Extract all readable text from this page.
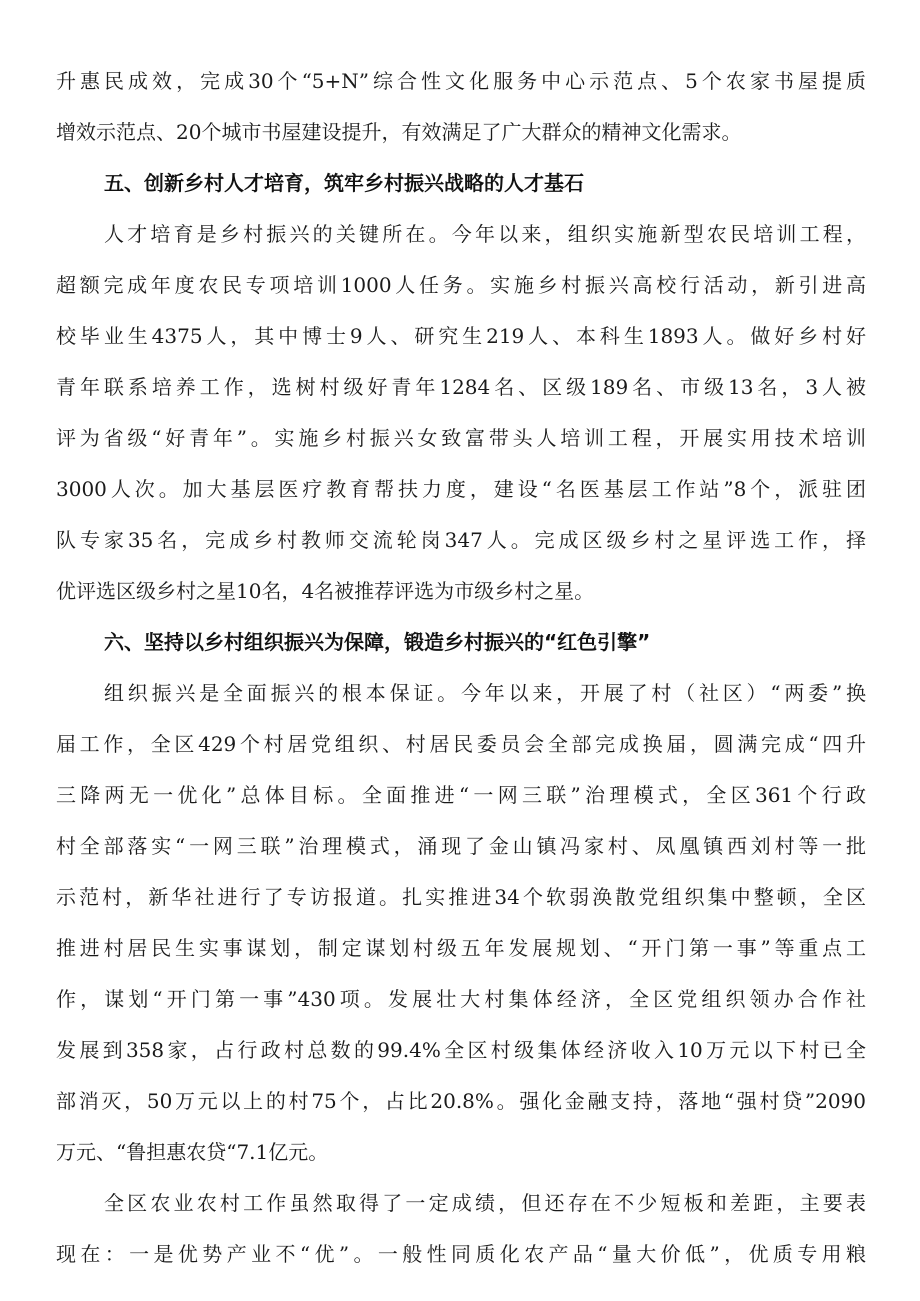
升惠民成效，完成30个“5+N”综合性文化服务中心示范点、5个农家书屋提质
增效示范点、20个城市书屋建设提升，有效满足了广大群众的精神文化需求。
五、创新乡村人才培育，筑牢乡村振兴战略的人才基石
人才培育是乡村振兴的关键所在。今年以来，组织实施新型农民培训工程，
超额完成年度农民专项培训1000人任务。实施乡村振兴高校行活动，新引进高
校毕业生4375人，其中博士9人、研究生219人、本科生1893人。做好乡村好
青年联系培养工作，选树村级好青年1284名、区级189名、市级13名，3人被
评为省级“好青年”。实施乡村振兴女致富带头人培训工程，开展实用技术培训
3000人次。加大基层医疗教育帮扶力度，建设“名医基层工作站”8个，派驻团
队专家35名，完成乡村教师交流轮岗347人。完成区级乡村之星评选工作，择
优评选区级乡村之星10名，4名被推荐评选为市级乡村之星。
六、坚持以乡村组织振兴为保障，锻造乡村振兴的“红色引擎”
组织振兴是全面振兴的根本保证。今年以来，开展了村（社区）“两委”换
届工作，全区429个村居党组织、村居民委员会全部完成换届，圆满完成“四升
三降两无一优化”总体目标。全面推进“一网三联”治理模式，全区361个行政
村全部落实“一网三联”治理模式，涌现了金山镇冯家村、凤凰镇西刘村等一批
示范村，新华社进行了专访报道。扎实推进34个软弱涣散党组织集中整顿，全区
推进村居民生实事谋划，制定谋划村级五年发展规划、“开门第一事”等重点工
作，谋划“开门第一事”430项。发展壮大村集体经济，全区党组织领办合作社
发展到358家，占行政村总数的99.4%全区村级集体经济收入10万元以下村已全
部消灭，50万元以上的村75个，占比20.8%。强化金融支持，落地“强村贷”2090
万元、“鲁担惠农贷“7.1亿元。
全区农业农村工作虽然取得了一定成绩，但还存在不少短板和差距，主要表
现在：一是优势产业不“优”。一般性同质化农产品“量大价低”，优质专用粮
